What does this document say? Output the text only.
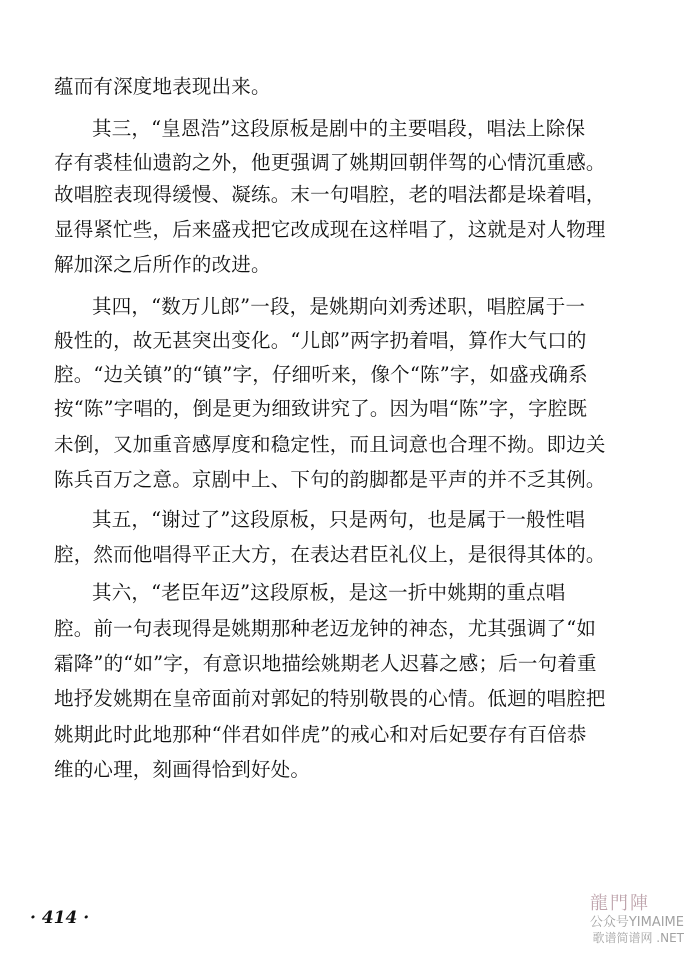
蕴而有深度地表现出来。
其三，“皇恩浩”这段原板是剧中的主要唱段，唱法上除保
存有裘桂仙遗韵之外，他更强调了姚期回朝伴驾的心情沉重感。
故唱腔表现得缓慢、凝练。末一句唱腔，老的唱法都是垛着唱，
显得紧忙些，后来盛戎把它改成现在这样唱了，这就是对人物理
解加深之后所作的改进。
其四，“数万儿郎”一段，是姚期向刘秀述职，唱腔属于一
般性的，故无甚突出变化。“儿郎”两字扔着唱，算作大气口的
腔。“边关镇”的“镇”字，仔细听来，像个“陈”字，如盛戎确系
按“陈”字唱的，倒是更为细致讲究了。因为唱“陈”字，字腔既
未倒，又加重音感厚度和稳定性，而且词意也合理不拗。即边关
陈兵百万之意。京剧中上、下句的韵脚都是平声的并不乏其例。
其五，“谢过了”这段原板，只是两句，也是属于一般性唱
腔，然而他唱得平正大方，在表达君臣礼仪上，是很得其体的。
其六，“老臣年迈”这段原板，是这一折中姚期的重点唱
腔。前一句表现得是姚期那种老迈龙钟的神态，尤其强调了“如
霜降”的“如”字，有意识地描绘姚期老人迟暮之感；后一句着重
地抒发姚期在皇帝面前对郭妃的特别敬畏的心情。低迴的唱腔把
姚期此时此地那种“伴君如伴虎”的戒心和对后妃要存有百倍恭
维的心理，刻画得恰到好处。
· 414 ·
龍門陣
公众号YIMAIME
歌谱简谱网 .NET
